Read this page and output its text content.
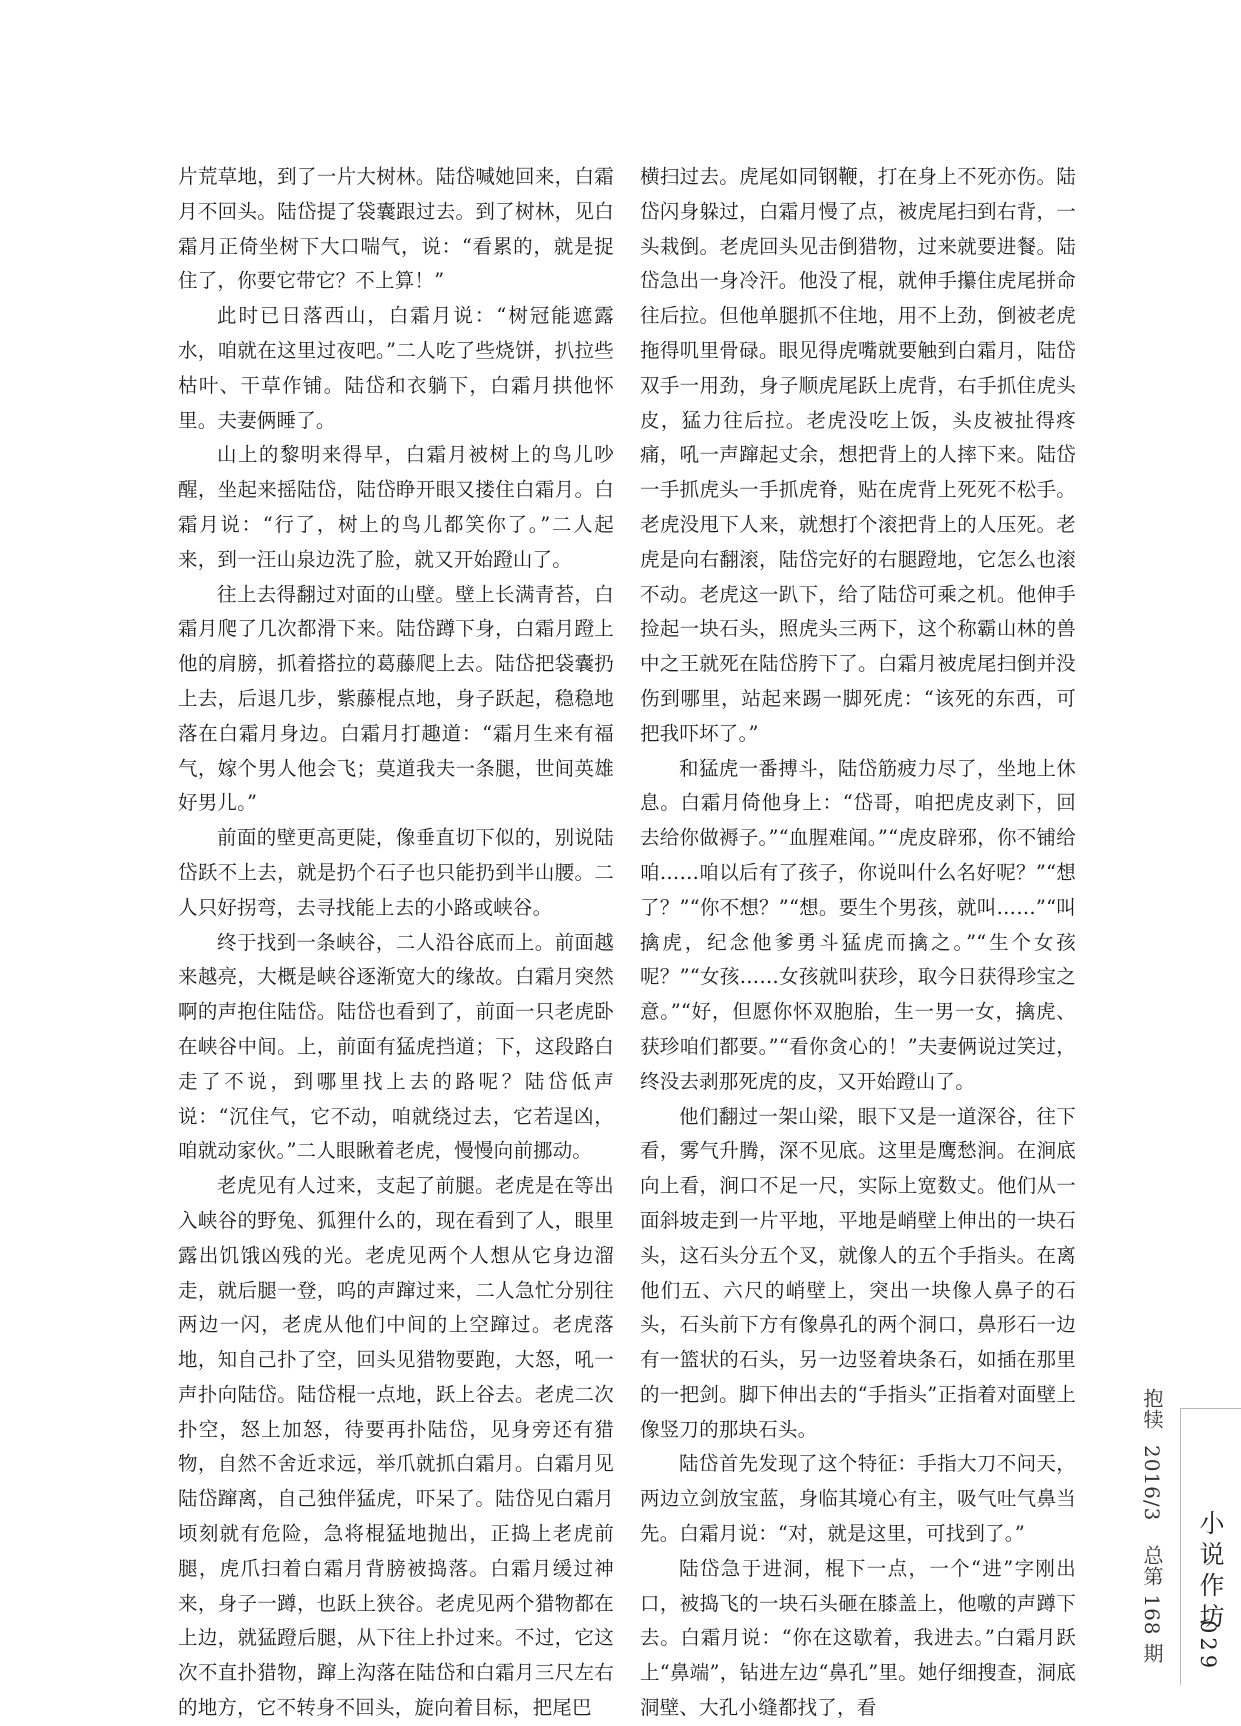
片荒草地，到了一片大树林。陆岱喊她回来，白霜月不回头。陆岱提了袋囊跟过去。到了树林，见白霜月正倚坐树下大口喘气，说：“看累的，就是捉住了，你要它带它？不上算！”

此时已日落西山，白霜月说：“树冠能遮露水，咱就在这里过夜吧。”二人吃了些烧饼，扒拉些枯叶、干草作铺。陆岱和衣躺下，白霜月拱他怀里。夫妻俩睡了。

山上的黎明来得早，白霜月被树上的鸟儿吵醒，坐起来摇陆岱，陆岱睁开眼又搂住白霜月。白霜月说：“行了，树上的鸟儿都笑你了。”二人起来，到一汪山泉边洗了脸，就又开始蹬山了。

往上去得翻过对面的山壁。壁上长满青苔，白霜月爬了几次都滑下来。陆岱蹲下身，白霜月蹬上他的肩膀，抓着搭拉的葛藤爬上去。陆岱把袋囊扔上去，后退几步，紫藤棍点地，身子跃起，稳稳地落在白霜月身边。白霜月打趣道：“霜月生来有福气，嫁个男人他会飞；莫道我夫一条腿，世间英雄好男儿。”

前面的壁更高更陡，像垂直切下似的，别说陆岱跃不上去，就是扔个石子也只能扔到半山腰。二人只好拐弯，去寻找能上去的小路或峡谷。

终于找到一条峡谷，二人沿谷底而上。前面越来越亮，大概是峡谷逐渐宽大的缘故。白霜月突然啊的声抱住陆岱。陆岱也看到了，前面一只老虎卧在峡谷中间。上，前面有猛虎挡道；下，这段路白走了不说，到哪里找上去的路呢？陆岱低声说：“沉住气，它不动，咱就绕过去，它若逞凶，咱就动家伙。”二人眼瞅着老虎，慢慢向前挪动。

老虎见有人过来，支起了前腿。老虎是在等出入峡谷的野兔、狐狸什么的，现在看到了人，眼里露出饥饿凶残的光。老虎见两个人想从它身边溜走，就后腿一登，呜的声蹿过来，二人急忙分别往两边一闪，老虎从他们中间的上空蹿过。老虎落地，知自己扑了空，回头见猎物要跑，大怒，吼一声扑向陆岱。陆岱棍一点地，跃上谷去。老虎二次扑空，怒上加怒，待要再扑陆岱，见身旁还有猎物，自然不舍近求远，举爪就抓白霜月。白霜月见陆岱蹿离，自己独伴猛虎，吓呆了。陆岱见白霜月顷刻就有危险，急将棍猛地抛出，正捣上老虎前腿，虎爪扫着白霜月背膀被捣落。白霜月缓过神来，身子一蹲，也跃上狭谷。老虎见两个猎物都在上边，就猛蹬后腿，从下往上扑过来。不过，它这次不直扑猎物，蹿上沟落在陆岱和白霜月三尺左右的地方，它不转身不回头，旋向着目标，把尾巴

横扫过去。虎尾如同钢鞭，打在身上不死亦伤。陆岱闪身躲过，白霜月慢了点，被虎尾扫到右背，一头栽倒。老虎回头见击倒猎物，过来就要进餐。陆岱急出一身冷汗。他没了棍，就伸手攥住虎尾拼命往后拉。但他单腿抓不住地，用不上劲，倒被老虎拖得叽里骨碌。眼见得虎嘴就要触到白霜月，陆岱双手一用劲，身子顺虎尾跃上虎背，右手抓住虎头皮，猛力往后拉。老虎没吃上饭，头皮被扯得疼痛，吼一声蹿起丈余，想把背上的人摔下来。陆岱一手抓虎头一手抓虎脊，贴在虎背上死死不松手。老虎没甩下人来，就想打个滚把背上的人压死。老虎是向右翻滚，陆岱完好的右腿蹬地，它怎么也滚不动。老虎这一趴下，给了陆岱可乘之机。他伸手捡起一块石头，照虎头三两下，这个称霸山林的兽中之王就死在陆岱胯下了。白霜月被虎尾扫倒并没伤到哪里，站起来踢一脚死虎：“该死的东西，可把我吓坏了。”

和猛虎一番搏斗，陆岱筋疲力尽了，坐地上休息。白霜月倚他身上：“岱哥，咱把虎皮剥下，回去给你做褥子。”“血腥难闻。”“虎皮辟邪，你不铺给咱……咱以后有了孩子，你说叫什么名好呢？”“想了？”“你不想？”“想。要生个男孩，就叫……”“叫擒虎，纪念他爹勇斗猛虎而擒之。”“生个女孩呢？”“女孩……女孩就叫获珍，取今日获得珍宝之意。”“好，但愿你怀双胞胎，生一男一女，擒虎、获珍咱们都要。”“看你贪心的！”夫妻俩说过笑过，终没去剥那死虎的皮，又开始蹬山了。

他们翻过一架山梁，眼下又是一道深谷，往下看，雾气升腾，深不见底。这里是鹰愁涧。在涧底向上看，涧口不足一尺，实际上宽数丈。他们从一面斜坡走到一片平地，平地是峭壁上伸出的一块石头，这石头分五个叉，就像人的五个手指头。在离他们五、六尺的峭壁上，突出一块像人鼻子的石头，石头前下方有像鼻孔的两个洞口，鼻形石一边有一篮状的石头，另一边竖着块条石，如插在那里的一把剑。脚下伸出去的“手指头”正指着对面壁上像竖刀的那块石头。

陆岱首先发现了这个特征：手指大刀不问天，两边立剑放宝蓝，身临其境心有主，吸气吐气鼻当先。白霜月说：“对，就是这里，可找到了。”

陆岱急于进洞，棍下一点，一个“进”字刚出口，被捣飞的一块石头砸在膝盖上，他噭的声蹲下去。白霜月说：“你在这歇着，我进去。”白霜月跃上“鼻端”，钻进左边“鼻孔”里。她仔细搜查，洞底洞壁、大孔小缝都找了，看

抱犊 2016/3 总第 168 期 小说作坊
029
